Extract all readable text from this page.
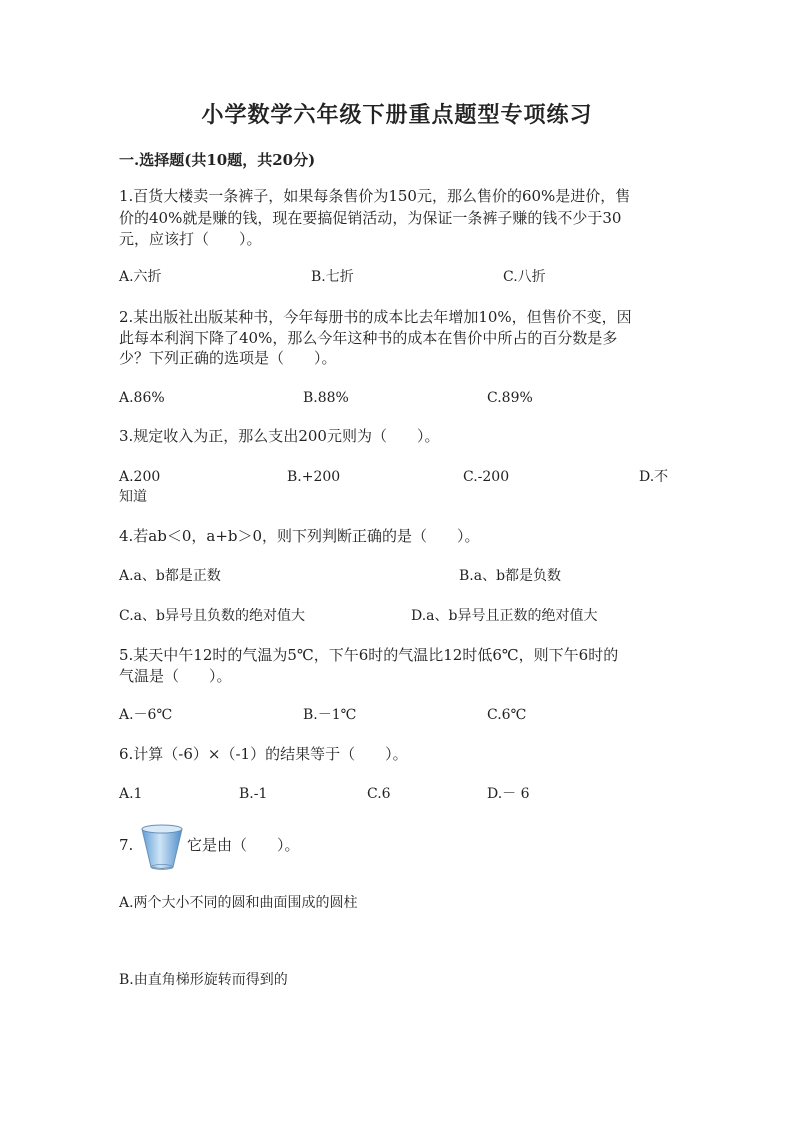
小学数学六年级下册重点题型专项练习
一.选择题(共10题，共20分)
1.百货大楼卖一条裤子，如果每条售价为150元，那么售价的60%是进价，售
价的40%就是赚的钱，现在要搞促销活动，为保证一条裤子赚的钱不少于30
元，应该打（　　）。
A.六折	B.七折	C.八折
2.某出版社出版某种书，今年每册书的成本比去年增加10%，但售价不变，因
此每本利润下降了40%，那么今年这种书的成本在售价中所占的百分数是多
少？下列正确的选项是（　　）。
A.86%	B.88%	C.89%
3.规定收入为正，那么支出200元则为（　　）。
A.200	B.+200	C.-200	D.不
知道
4.若ab＜0，a+b＞0，则下列判断正确的是（　　）。
A.a、b都是正数	B.a、b都是负数
C.a、b异号且负数的绝对值大	D.a、b异号且正数的绝对值大
5.某天中午12时的气温为5℃，下午6时的气温比12时低6℃，则下午6时的
气温是（　　）。
A.－6℃	B.－1℃	C.6℃
6.计算（-6）×（-1）的结果等于（　　）。
A.1	B.-1	C.6	D.－ 6
7.	它是由（　　）。
A.两个大小不同的圆和曲面围成的圆柱
B.由直角梯形旋转而得到的
